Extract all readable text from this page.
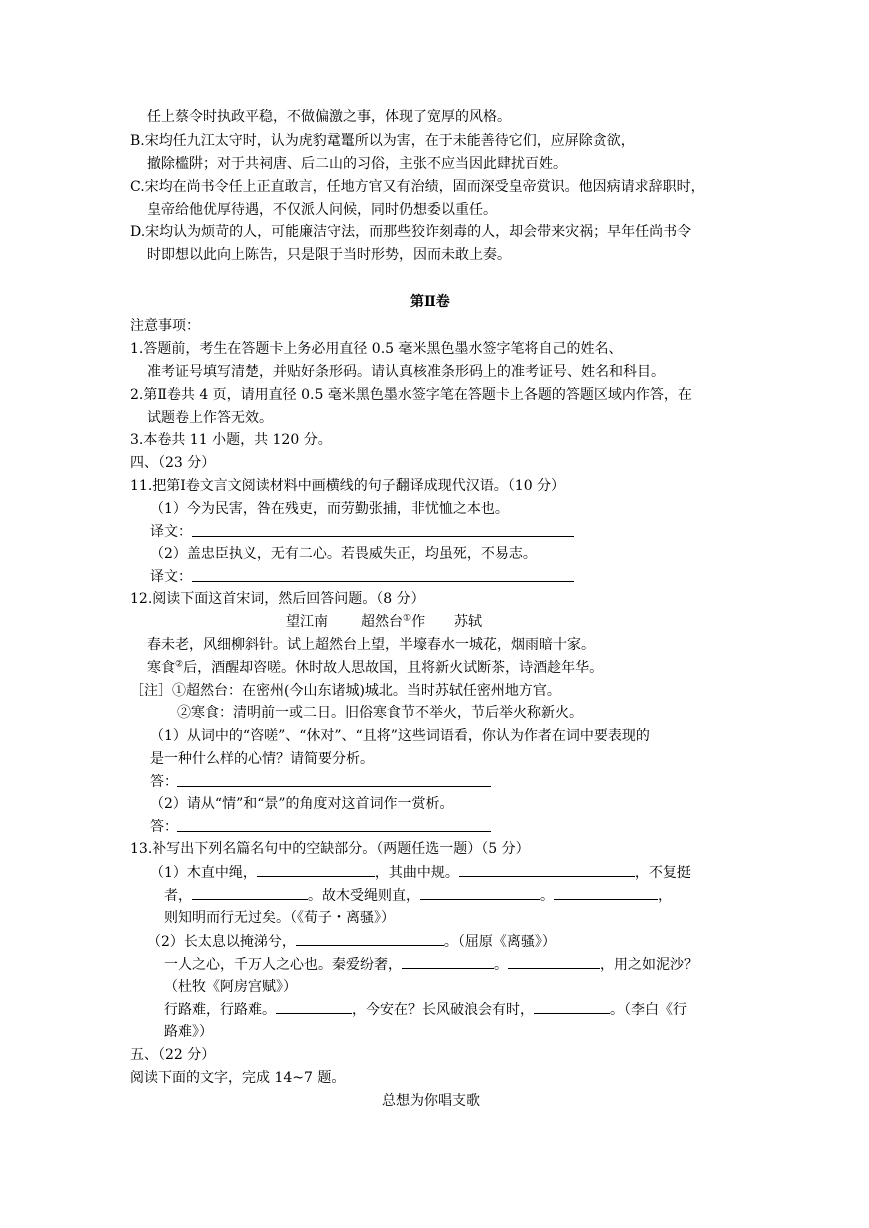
任上蔡令时执政平稳，不做偏激之事，体现了宽厚的风格。
B.宋均任九江太守时，认为虎豹鼋鼍所以为害，在于未能善待它们，应屏除贪欲，
撤除槛阱；对于共祠唐、后二山的习俗，主张不应当因此肆扰百姓。
C.宋均在尚书令任上正直敢言，任地方官又有治绩，固而深受皇帝赏识。他因病请求辞职时，
皇帝给他优厚待遇，不仅派人问候，同时仍想委以重任。
D.宋均认为烦苛的人，可能廉洁守法，而那些狡诈刻毒的人，却会带来灾祸；早年任尚书令
时即想以此向上陈告，只是限于当时形势，因而未敢上奏。
第Ⅱ卷
注意事项：
1.答题前，考生在答题卡上务必用直径 0.5 毫米黑色墨水签字笔将自己的姓名、
准考证号填写清楚，并贴好条形码。请认真核准条形码上的准考证号、姓名和科目。
2.第Ⅱ卷共 4 页，请用直径 0.5 毫米黑色墨水签字笔在答题卡上各题的答题区域内作答，在
试题卷上作答无效。
3.本卷共 11 小题，共 120 分。
四、（23 分）
11.把第Ⅰ卷文言文阅读材料中画横线的句子翻译成现代汉语。（10 分）
（1）今为民害，咎在残吏，而劳勤张捕，非忧恤之本也。
译文：
（2）盖忠臣执义，无有二心。若畏威失正，均虽死，不易志。
译文：
12.阅读下面这首宋词，然后回答问题。（8 分）
望江南 超然台①作 苏轼
春未老，风细柳斜针。试上超然台上望，半壕春水一城花，烟雨暗十家。
寒食②后，酒醒却咨嗟。休时故人思故国，且将新火试断茶，诗酒趁年华。
［注］①超然台：在密州(今山东诸城)城北。当时苏轼任密州地方官。
②寒食：清明前一或二日。旧俗寒食节不举火，节后举火称新火。
（1）从词中的“咨嗟”、“休对”、“且将”这些词语看，你认为作者在词中要表现的
是一种什么样的心情？请简要分析。
答：
（2）请从“情”和“景”的角度对这首词作一赏析。
答：
13.补写出下列名篇名句中的空缺部分。（两题任选一题）（5 分）
（1）木直中绳，	，其曲中规。	，不复挺
者，	。故木受绳则直，	。	，
则知明而行无过矣。（《荀子・离骚》）
（2）长太息以掩涕兮，	。（屈原《离骚》）
一人之心，千万人之心也。秦爱纷奢，	。	，用之如泥沙？
（杜牧《阿房宫赋》）
行路难，行路难。	，今安在？长风破浪会有时，	。（李白《行
路难》）
五、（22 分）
阅读下面的文字，完成 14~7 题。
总想为你唱支歌
